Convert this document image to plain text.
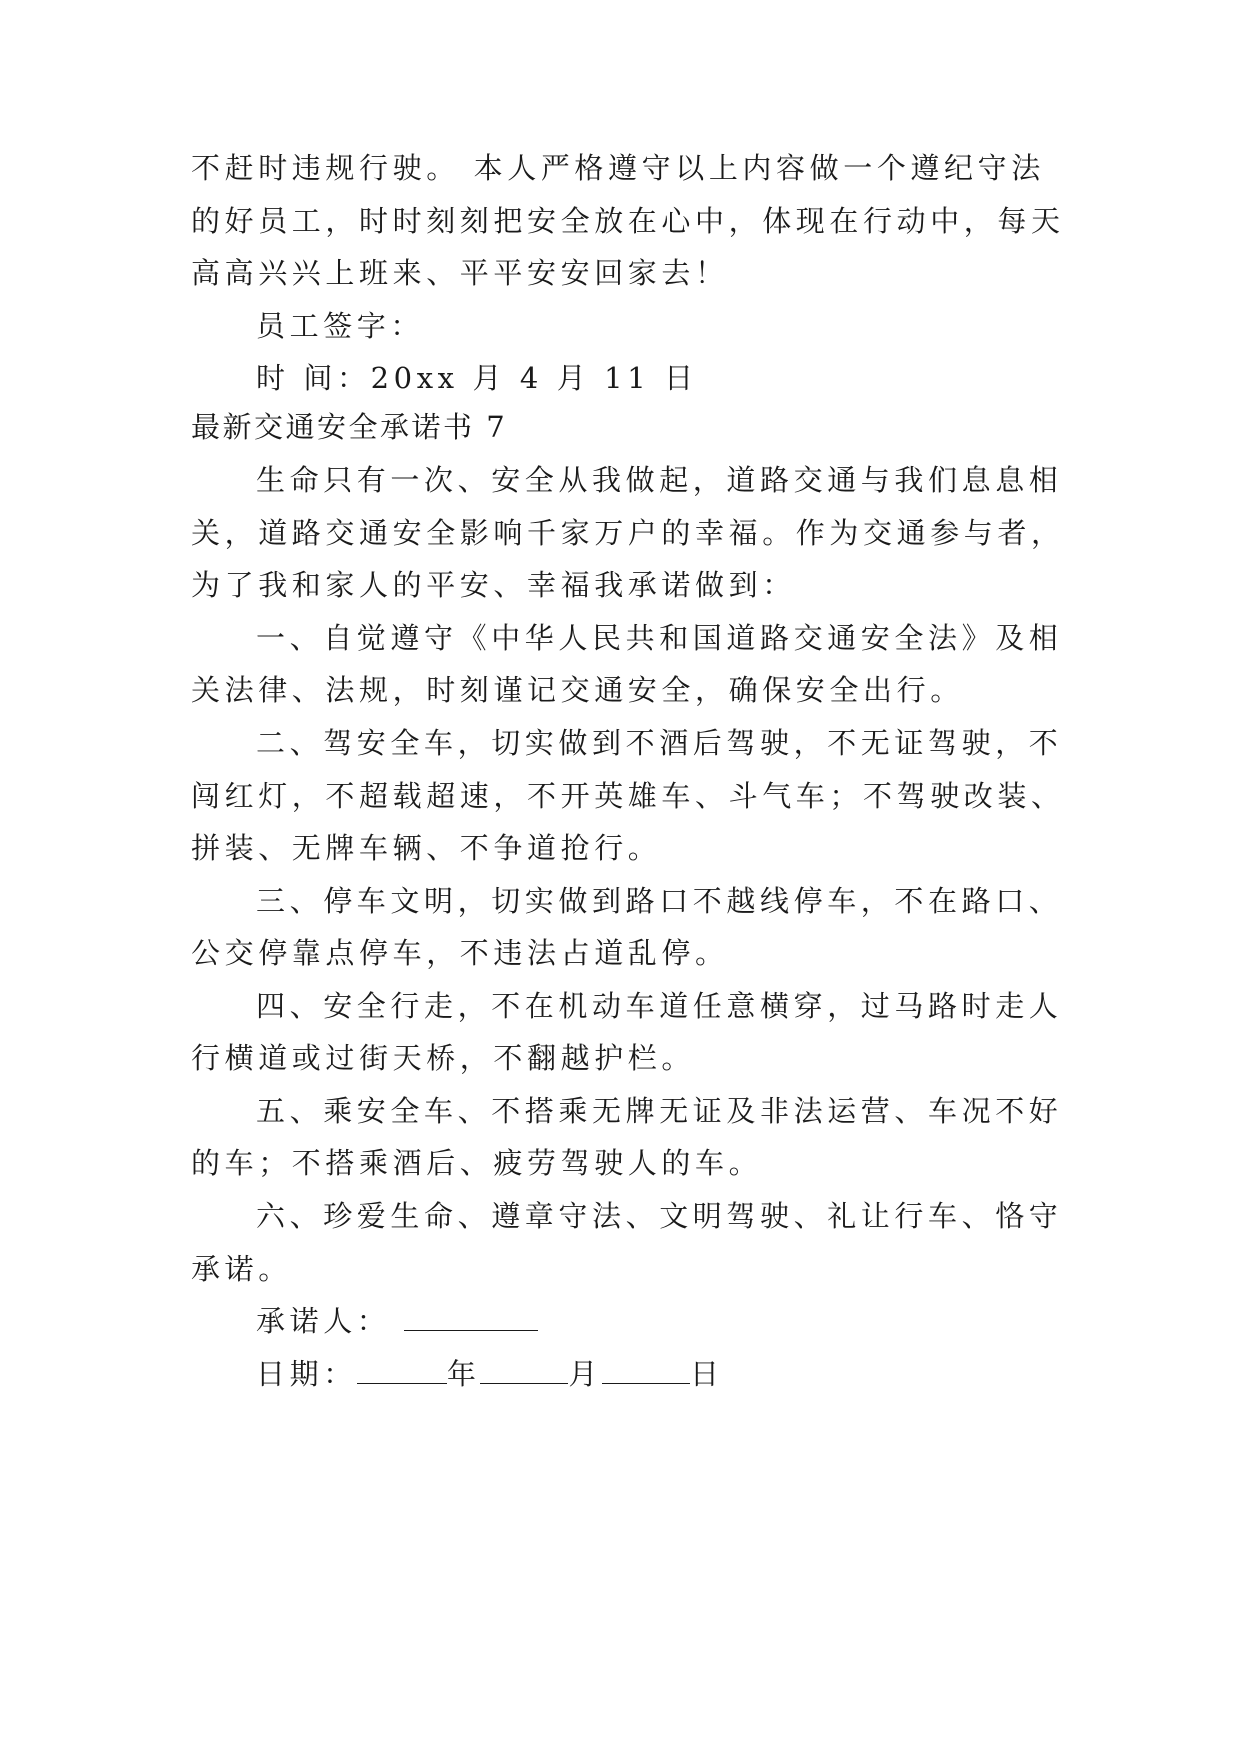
不赶时违规行驶。 本人严格遵守以上内容做一个遵纪守法
的好员工，时时刻刻把安全放在心中，体现在行动中，每天
高高兴兴上班来、平平安安回家去！
员工签字：
时 间：20xx 月 4 月 11 日
最新交通安全承诺书 7
生命只有一次、安全从我做起，道路交通与我们息息相
关，道路交通安全影响千家万户的幸福。作为交通参与者，
为了我和家人的平安、幸福我承诺做到：
一、自觉遵守《中华人民共和国道路交通安全法》及相
关法律、法规，时刻谨记交通安全，确保安全出行。
二、驾安全车，切实做到不酒后驾驶，不无证驾驶，不
闯红灯，不超载超速，不开英雄车、斗气车；不驾驶改装、
拼装、无牌车辆、不争道抢行。
三、停车文明，切实做到路口不越线停车，不在路口、
公交停靠点停车，不违法占道乱停。
四、安全行走，不在机动车道任意横穿，过马路时走人
行横道或过街天桥，不翻越护栏。
五、乘安全车、不搭乘无牌无证及非法运营、车况不好
的车；不搭乘酒后、疲劳驾驶人的车。
六、珍爱生命、遵章守法、文明驾驶、礼让行车、恪守
承诺。
承诺人：
日期：	年	月	日
